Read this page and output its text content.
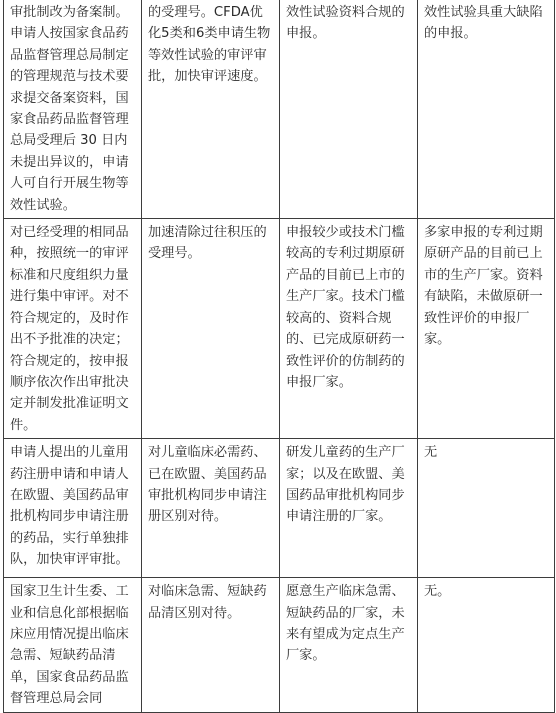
审批制改为备案制。申请人按国家食品药品监督管理总局制定的管理规范与技术要求提交备案资料，国家食品药品监督管理总局受理后 30 日内未提出异议的，申请人可自行开展生物等效性试验。	的受理号。CFDA优化5类和6类申请生物等效性试验的审评审批，加快审评速度。	效性试验资料合规的申报。	效性试验具重大缺陷的申报。
对已经受理的相同品种，按照统一的审评标准和尺度组织力量进行集中审评。对不符合规定的，及时作出不予批准的决定；符合规定的，按申报顺序依次作出审批决定并制发批准证明文件。	加速清除过往积压的受理号。	申报较少或技术门槛较高的专利过期原研产品的目前已上市的生产厂家。技术门槛较高的、资料合规的、已完成原研药一致性评价的仿制药的申报厂家。	多家申报的专利过期原研产品的目前已上市的生产厂家。资料有缺陷，未做原研一致性评价的申报厂家。
申请人提出的儿童用药注册申请和申请人在欧盟、美国药品审批机构同步申请注册的药品，实行单独排队，加快审评审批。	对儿童临床必需药、已在欧盟、美国药品审批机构同步申请注册区别对待。	研发儿童药的生产厂家；以及在欧盟、美国药品审批机构同步申请注册的厂家。	无
国家卫生计生委、工业和信息化部根据临床应用情况提出临床急需、短缺药品清单，国家食品药品监督管理总局会同	对临床急需、短缺药品清区别对待。	愿意生产临床急需、短缺药品的厂家，未来有望成为定点生产厂家。	无。
